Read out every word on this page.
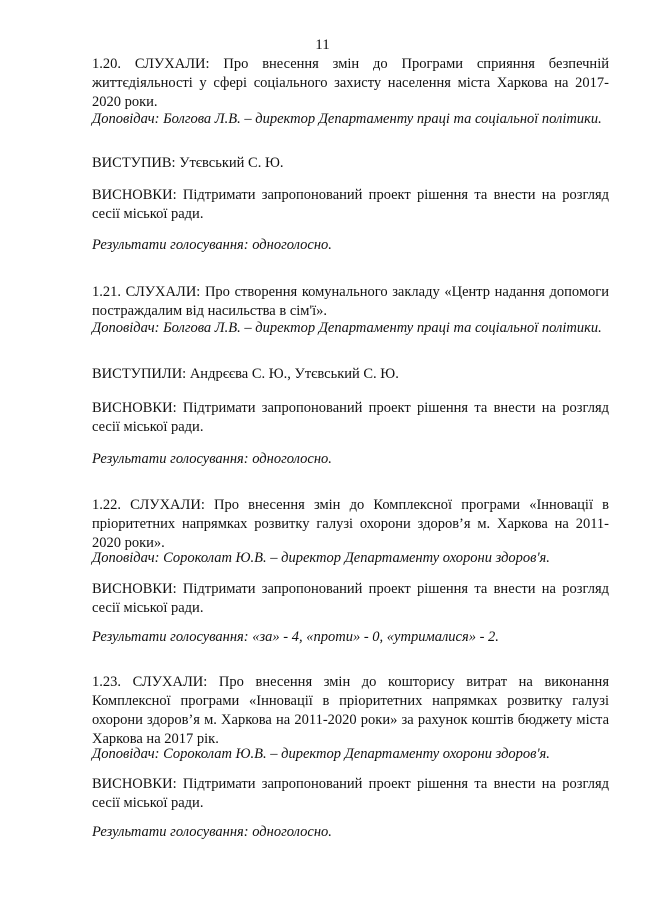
11

1.20. СЛУХАЛИ: Про внесення змін до Програми сприяння безпечній життєдіяльності у сфері соціального захисту населення міста Харкова на 2017-2020 роки.

Доповідач: Болгова Л.В. – директор Департаменту праці та соціальної політики.

ВИСТУПИВ: Утєвський С. Ю.

ВИСНОВКИ: Підтримати запропонований проект рішення та внести на розгляд сесії міської ради.

Результати голосування: одноголосно.

1.21. СЛУХАЛИ: Про створення комунального закладу «Центр надання допомоги постраждалим від насильства в сім'ї».

Доповідач: Болгова Л.В. – директор Департаменту праці та соціальної політики.

ВИСТУПИЛИ: Андрєєва С. Ю., Утєвський С. Ю.

ВИСНОВКИ: Підтримати запропонований проект рішення та внести на розгляд сесії міської ради.

Результати голосування: одноголосно.

1.22. СЛУХАЛИ: Про внесення змін до Комплексної програми «Інновації в пріоритетних напрямках розвитку галузі охорони здоров’я м. Харкова на 2011-2020 роки».

Доповідач: Сороколат Ю.В. – директор Департаменту охорони здоров'я.

ВИСНОВКИ: Підтримати запропонований проект рішення та внести на розгляд сесії міської ради.

Результати голосування: «за» - 4, «проти» - 0, «утрималися» - 2.

1.23. СЛУХАЛИ: Про внесення змін до кошторису витрат на виконання Комплексної програми «Інновації в пріоритетних напрямках розвитку галузі охорони здоров’я м. Харкова на 2011-2020 роки» за рахунок коштів бюджету міста Харкова на 2017 рік.

Доповідач: Сороколат Ю.В. – директор Департаменту охорони здоров'я.

ВИСНОВКИ: Підтримати запропонований проект рішення та внести на розгляд сесії міської ради.

Результати голосування: одноголосно.
